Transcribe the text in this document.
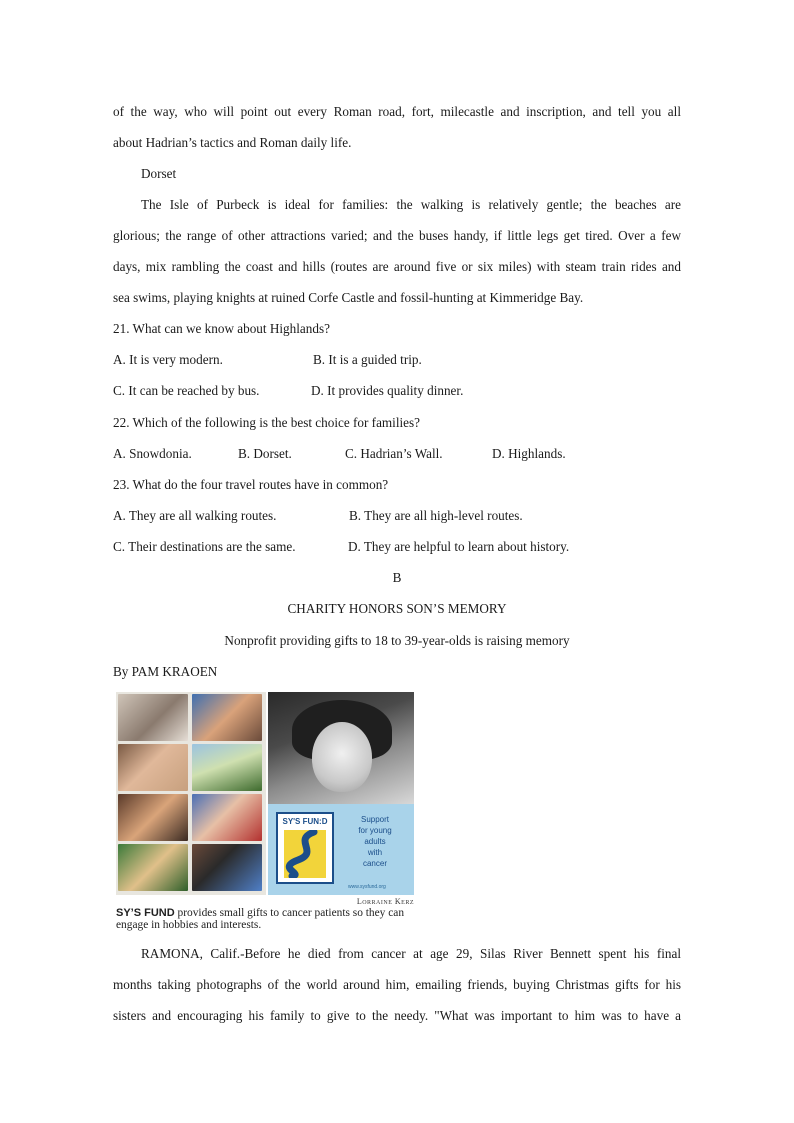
of the way, who will point out every Roman road, fort, milecastle and inscription, and tell you all
about Hadrian’s tactics and Roman daily life.
Dorset
The Isle of Purbeck is ideal for families: the walking is relatively gentle; the beaches are
glorious; the range of other attractions varied; and the buses handy, if little legs get tired. Over a few
days, mix rambling the coast and hills (routes are around five or six miles) with steam train rides and
sea swims, playing knights at ruined Corfe Castle and fossil-hunting at Kimmeridge Bay.
21. What can we know about Highlands?
A. It is very modern.	B. It is a guided trip.
C. It can be reached by bus.	D. It provides quality dinner.
22. Which of the following is the best choice for families?
A. Snowdonia.	B. Dorset.	C. Hadrian’s Wall.	D. Highlands.
23. What do the four travel routes have in common?
A. They are all walking routes.	B. They are all high-level routes.
C. Their destinations are the same.	D. They are helpful to learn about history.
B
CHARITY HONORS SON’S MEMORY
Nonprofit providing gifts to 18 to 39-year-olds is raising memory
By PAM KRAOEN
SY'S FUN:D	Support
for young
adults
with
cancer
www.sysfund.org
Lorraine Kerz
SY’S FUND provides small gifts to cancer patients so they can engage in hobbies and interests.
RAMONA, Calif.-Before he died from cancer at age 29, Silas River Bennett spent his final
months taking photographs of the world around him, emailing friends, buying Christmas gifts for his
sisters and encouraging his family to give to the needy. "What was important to him was to have a
